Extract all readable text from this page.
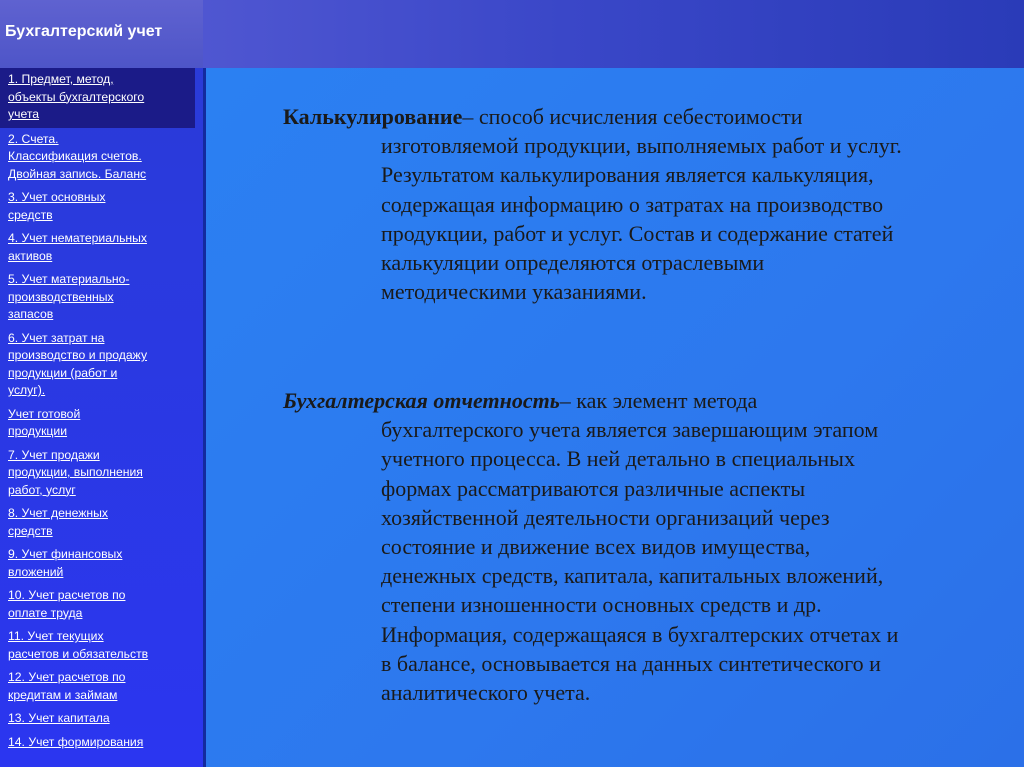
Бухгалтерский учет
1. Предмет, метод,
объекты бухгалтерского
учета
2. Счета.
Классификация счетов.
Двойная запись. Баланс
3. Учет основных
средств
4. Учет нематериальных
активов
5. Учет материально-
производственных
запасов
6. Учет затрат на
производство и продажу
продукции (работ и
услуг).
Учет готовой
продукции
7. Учет продажи
продукции, выполнения
работ, услуг
8. Учет денежных
средств
9. Учет финансовых
вложений
10. Учет расчетов по
оплате труда
11. Учет текущих
расчетов и обязательств
12. Учет расчетов по
кредитам и займам
13. Учет капитала
14. Учет формирования
Калькулирование– способ исчисления себестоимости
изготовляемой продукции, выполняемых работ и услуг.
Результатом калькулирования является калькуляция,
содержащая информацию о затратах на производство
продукции, работ и услуг. Состав и содержание статей
калькуляции определяются отраслевыми
методическими указаниями.
Бухгалтерская отчетность– как элемент метода
бухгалтерского учета является завершающим этапом
учетного процесса. В ней детально в специальных
формах рассматриваются различные аспекты
хозяйственной деятельности организаций через
состояние и движение всех видов имущества,
денежных средств, капитала, капитальных вложений,
степени изношенности основных средств и др.
Информация, содержащаяся в бухгалтерских отчетах и
в балансе, основывается на данных синтетического и
аналитического учета.
